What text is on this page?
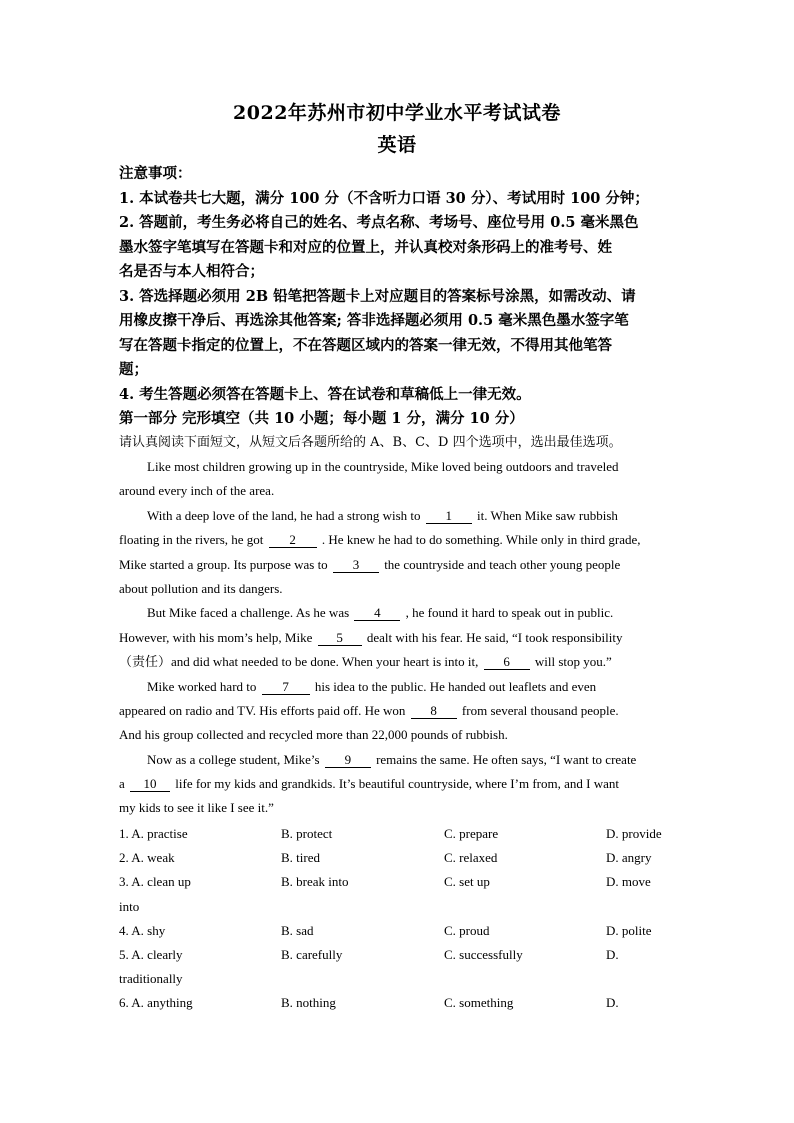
2022年苏州市初中学业水平考试试卷
英语
注意事项：
1. 本试卷共七大题，满分 100 分（不含听力口语 30 分）、考试用时 100 分钟；
2. 答题前，考生务必将自己的姓名、考点名称、考场号、座位号用 0.5 毫米黑色
墨水签字笔填写在答题卡和对应的位置上，并认真校对条形码上的准考号、姓
名是否与本人相符合；
3. 答选择题必须用 2B 铅笔把答题卡上对应题目的答案标号涂黑，如需改动、请
用橡皮擦干净后、再选涂其他答案; 答非选择题必须用 0.5 毫米黑色墨水签字笔
写在答题卡指定的位置上，不在答题区域内的答案一律无效，不得用其他笔答
题；
4. 考生答题必须答在答题卡上、答在试卷和草稿低上一律无效。
第一部分 完形填空（共 10 小题；每小题 1 分，满分 10 分）
请认真阅读下面短文，从短文后各题所给的 A、B、C、D 四个选项中，选出最佳选项。
Like most children growing up in the countryside, Mike loved being outdoors and traveled
around every inch of the area.
With a deep love of the land, he had a strong wish to 1 it. When Mike saw rubbish
floating in the rivers, he got 2 . He knew he had to do something. While only in third grade,
Mike started a group. Its purpose was to 3 the countryside and teach other young people
about pollution and its dangers.
But Mike faced a challenge. As he was 4 , he found it hard to speak out in public.
However, with his mom’s help, Mike 5 dealt with his fear. He said, “I took responsibility
（责任）and did what needed to be done. When your heart is into it, 6 will stop you.”
Mike worked hard to 7 his idea to the public. He handed out leaflets and even
appeared on radio and TV. His efforts paid off. He won 8 from several thousand people.
And his group collected and recycled more than 22,000 pounds of rubbish.
Now as a college student, Mike’s 9 remains the same. He often says, “I want to create
a 10 life for my kids and grandkids. It’s beautiful countryside, where I’m from, and I want
my kids to see it like I see it.”
1. A. practise	B. protect	C. prepare	D. provide
2. A. weak	B. tired	C. relaxed	D. angry
3. A. clean up	B. break into	C. set up	D. move
into
4. A. shy	B. sad	C. proud	D. polite
5. A. clearly	B. carefully	C. successfully	D.
traditionally
6. A. anything	B. nothing	C. something	D.
